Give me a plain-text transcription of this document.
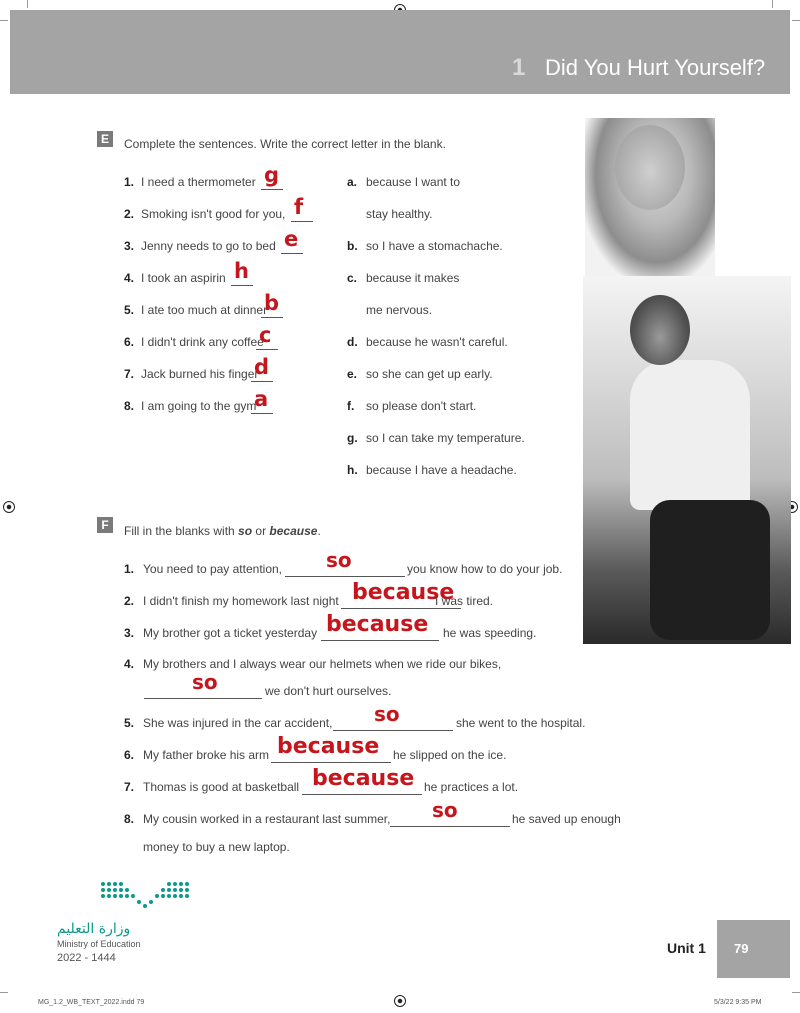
1 Did You Hurt Yourself?
E	Complete the sentences. Write the correct letter in the blank.
1. I need a thermometer g
2. Smoking isn't good for you, f
3. Jenny needs to go to bed e
4. I took an aspirin h
5. I ate too much at dinner
b
6. I didn't drink any coffee
c
7. Jack burned his finger
d
8. I am going to the gym
a
a. because I want to
stay healthy.
b. so I have a stomachache.
c. because it makes
me nervous.
d. because he wasn't careful.
e. so she can get up early.
f. so please don't start.
g. so I can take my temperature.
h. because I have a headache.
F	Fill in the blanks with so or because.
1. You need to pay attention, so	you know how to do your job.
2. I didn't finish my homework last night because
I was tired.
3. My brother got a ticket yesterday because he was speeding.
4. My brothers and I always wear our helmets when we ride our bikes,
so	we don't hurt ourselves.
5. She was injured in the car accident, so	she went to the hospital.
6. My father broke his arm because he slipped on the ice.
7. Thomas is good at basketball because he practices a lot.
8. My cousin worked in a restaurant last summer, so	he saved up enough
money to buy a new laptop.
وزارة التعليم
Ministry of Education
2022 - 1444
Unit 1 79
MG_1.2_WB_TEXT_2022.indd 79	5/3/22 9:35 PM
